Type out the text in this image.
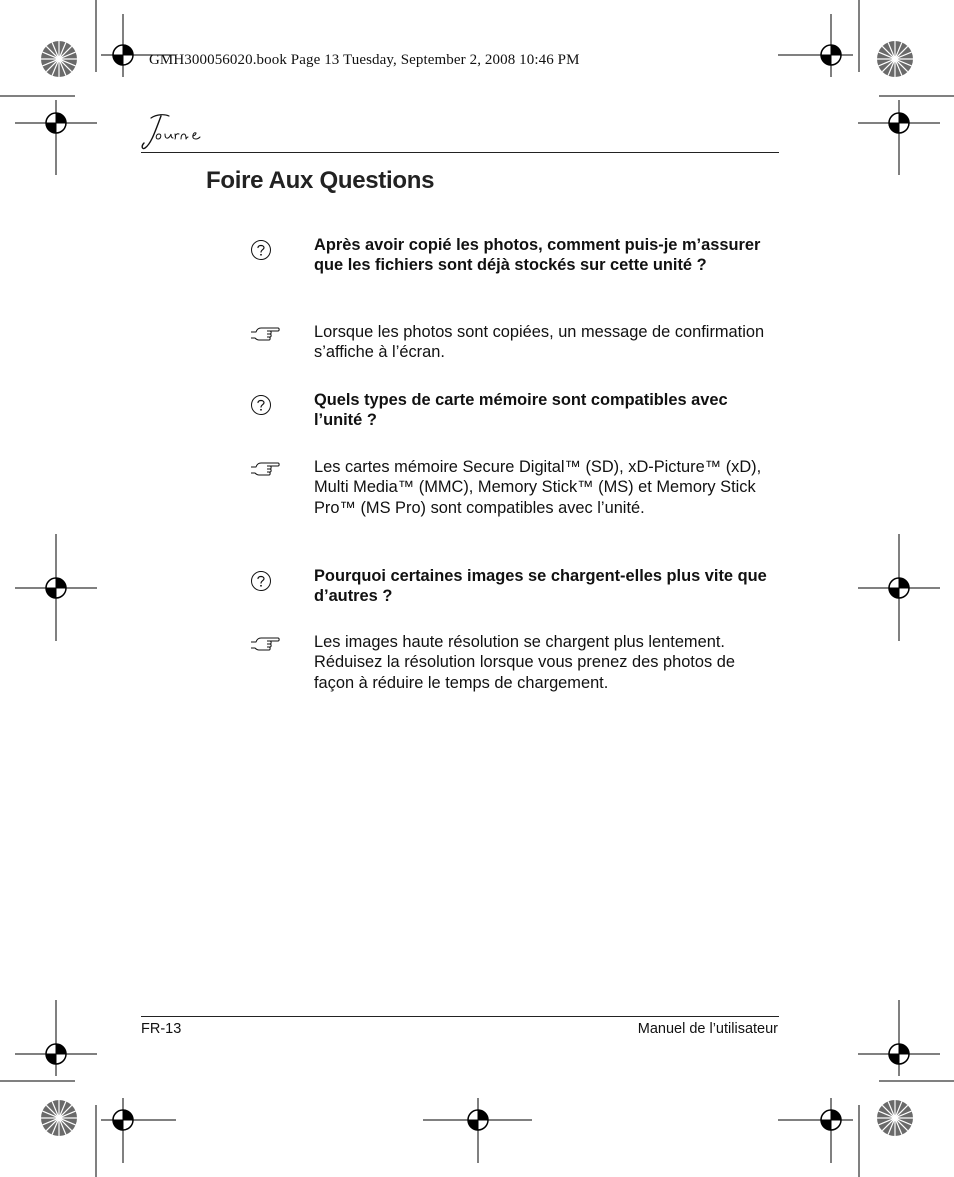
GMH300056020.book Page 13 Tuesday, September 2, 2008 10:46 PM
Foire Aux Questions
Après avoir copié les photos, comment puis-je m’assurer que les fichiers sont déjà stockés sur cette unité ?
Lorsque les photos sont copiées, un message de confirmation s’affiche à l’écran.
Quels types de carte mémoire sont compatibles avec l’unité ?
Les cartes mémoire Secure Digital™ (SD), xD-Picture™ (xD), Multi Media™ (MMC), Memory Stick™ (MS) et Memory Stick Pro™ (MS Pro) sont compatibles avec l’unité.
Pourquoi certaines images se chargent-elles plus vite que d’autres ?
Les images haute résolution se chargent plus lentement. Réduisez la résolution lorsque vous prenez des photos de façon à réduire le temps de chargement.
FR-13	Manuel de l’utilisateur
